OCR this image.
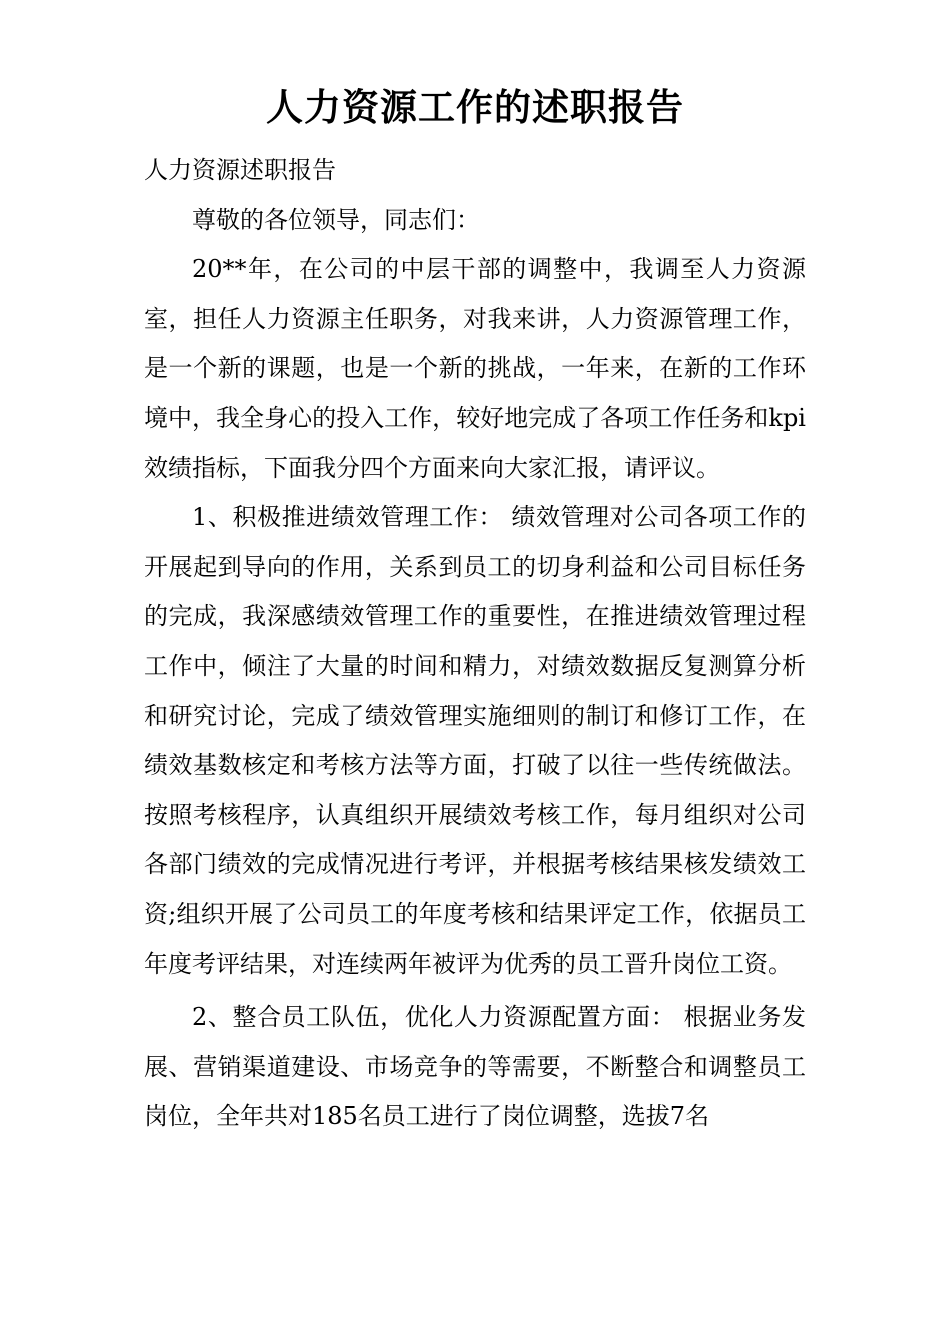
人力资源工作的述职报告

人力资源述职报告

尊敬的各位领导，同志们：

20**年，在公司的中层干部的调整中，我调至人力资源室，担任人力资源主任职务，对我来讲，人力资源管理工作，是一个新的课题，也是一个新的挑战，一年来，在新的工作环境中，我全身心的投入工作，较好地完成了各项工作任务和kpi效绩指标，下面我分四个方面来向大家汇报，请评议。

1、积极推进绩效管理工作： 绩效管理对公司各项工作的开展起到导向的作用，关系到员工的切身利益和公司目标任务的完成，我深感绩效管理工作的重要性，在推进绩效管理过程工作中，倾注了大量的时间和精力，对绩效数据反复测算分析和研究讨论，完成了绩效管理实施细则的制订和修订工作，在绩效基数核定和考核方法等方面，打破了以往一些传统做法。 按照考核程序，认真组织开展绩效考核工作，每月组织对公司各部门绩效的完成情况进行考评，并根据考核结果核发绩效工资;组织开展了公司员工的年度考核和结果评定工作，依据员工年度考评结果，对连续两年被评为优秀的员工晋升岗位工资。

2、整合员工队伍，优化人力资源配置方面： 根据业务发展、营销渠道建设、市场竞争的等需要，不断整合和调整员工岗位，全年共对185名员工进行了岗位调整，选拔7名
